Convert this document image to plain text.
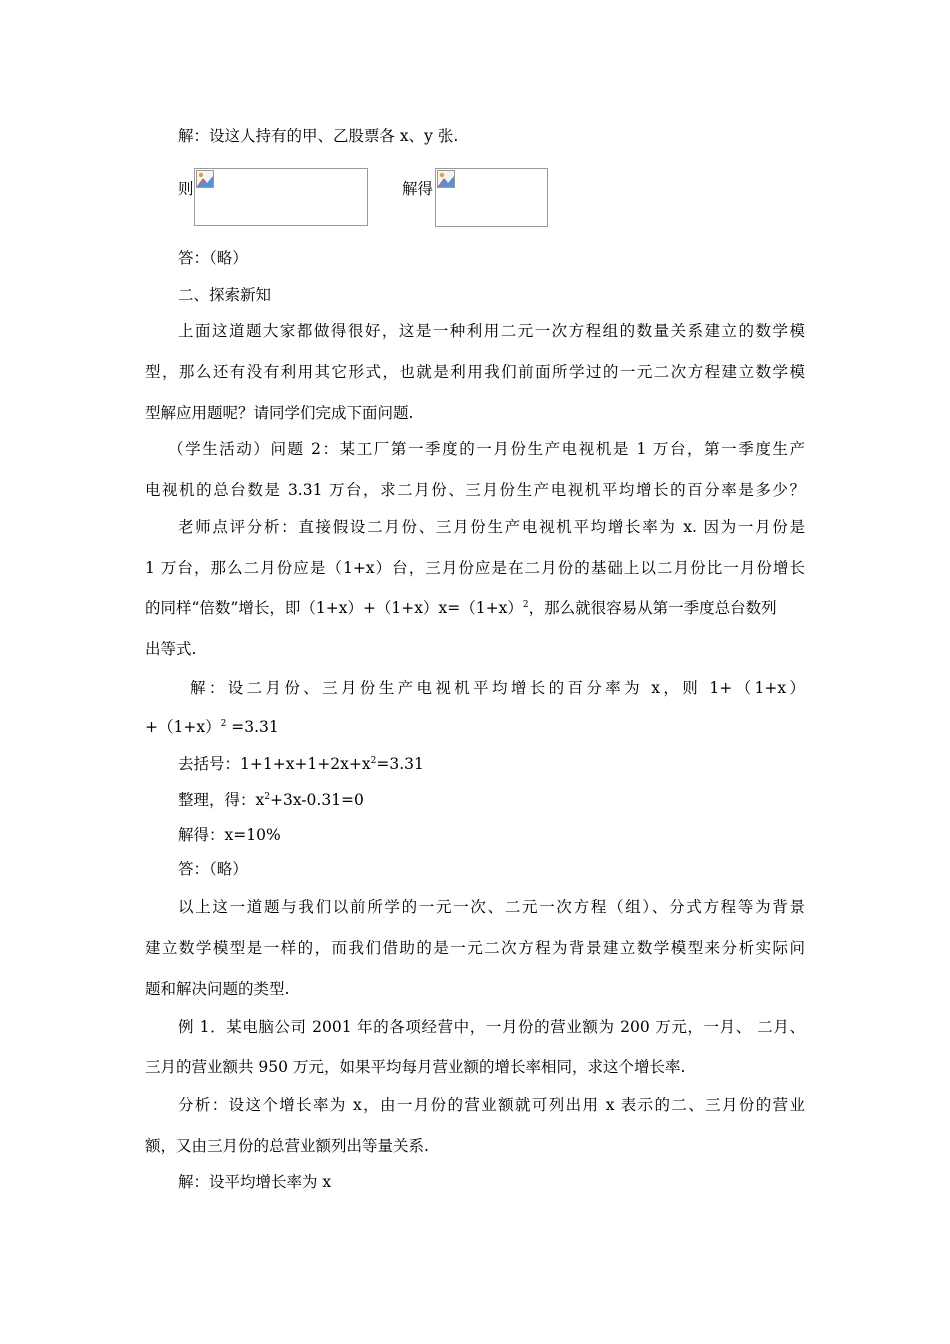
解：设这人持有的甲、乙股票各 x、y 张.
则	解得
答：（略）
二、探索新知
上面这道题大家都做得很好，这是一种利用二元一次方程组的数量关系建立的数学模
型，那么还有没有利用其它形式，也就是利用我们前面所学过的一元二次方程建立数学模
型解应用题呢？请同学们完成下面问题.
（学生活动）问题 2：某工厂第一季度的一月份生产电视机是 1 万台，第一季度生产
电视机的总台数是 3.31 万台，求二月份、三月份生产电视机平均增长的百分率是多少？
老师点评分析：直接假设二月份、三月份生产电视机平均增长率为 x. 因为一月份是
1 万台，那么二月份应是（1+x）台，三月份应是在二月份的基础上以二月份比一月份增长
的同样“倍数”增长，即$(1+x)+(1+x)x=(1+x)^2$，那么就很容易从第一季度总台数列
出等式.
解：设二月份、三月份生产电视机平均增长的百分率为 x，则 1+（1+x）
$+(1+x)^2 =3.31$
去括号：$1+1+x+1+2x+x^2=3.31$
整理，得：$x^2+3x-0.31=0$
解得：x=10%
答：（略）
以上这一道题与我们以前所学的一元一次、二元一次方程（组）、分式方程等为背景
建立数学模型是一样的，而我们借助的是一元二次方程为背景建立数学模型来分析实际问
题和解决问题的类型.
例 1．某电脑公司 2001 年的各项经营中，一月份的营业额为 200 万元，一月、 二月、
三月的营业额共 950 万元，如果平均每月营业额的增长率相同，求这个增长率.
分析：设这个增长率为 x，由一月份的营业额就可列出用 x 表示的二、三月份的营业
额，又由三月份的总营业额列出等量关系.
解：设平均增长率为 x
